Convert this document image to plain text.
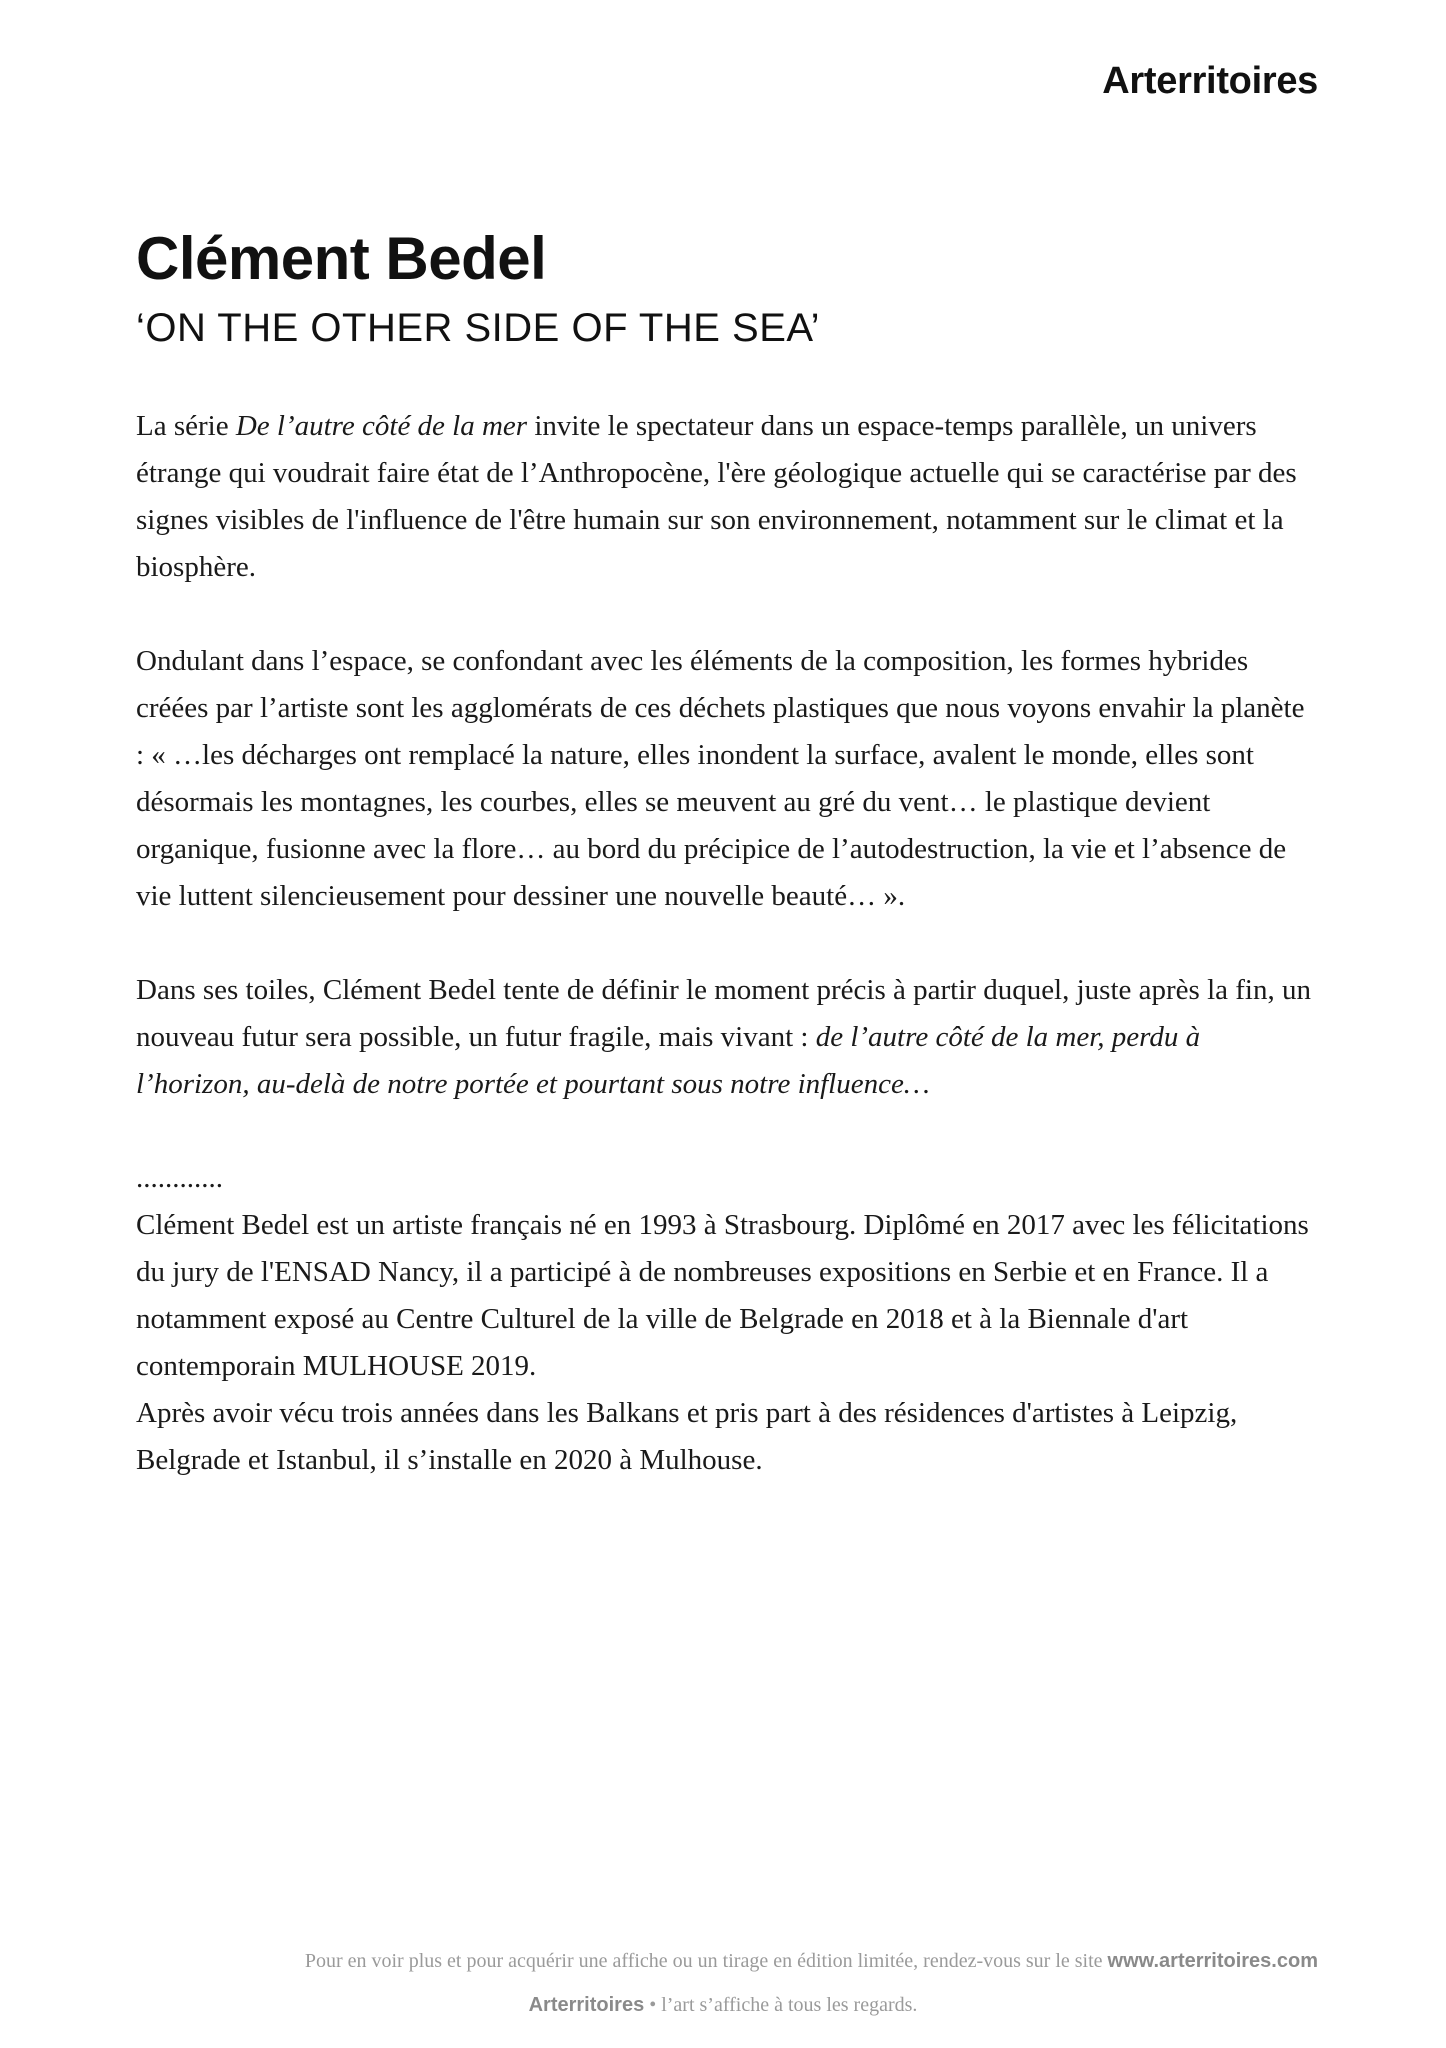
Arterritoires
Clément Bedel
‘ON THE OTHER SIDE OF THE SEA’

La série De l’autre côté de la mer invite le spectateur dans un espace-temps parallèle, un univers étrange qui voudrait faire état de l’Anthropocène, l'ère géologique actuelle qui se caractérise par des signes visibles de l'influence de l'être humain sur son environnement, notamment sur le climat et la biosphère.

Ondulant dans l’espace, se confondant avec les éléments de la composition, les formes hybrides créées par l’artiste sont les agglomérats de ces déchets plastiques que nous voyons envahir la planète : « …les décharges ont remplacé la nature, elles inondent la surface, avalent le monde, elles sont désormais les montagnes, les courbes, elles se meuvent au gré du vent… le plastique devient organique, fusionne avec la flore… au bord du précipice de l’autodestruction, la vie et l’absence de vie luttent silencieusement pour dessiner une nouvelle beauté… ».

Dans ses toiles, Clément Bedel tente de définir le moment précis à partir duquel, juste après la fin, un nouveau futur sera possible, un futur fragile, mais vivant : de l’autre côté de la mer, perdu à l’horizon, au-delà de notre portée et pourtant sous notre influence…

............
Clément Bedel est un artiste français né en 1993 à Strasbourg. Diplômé en 2017 avec les félicitations du jury de l'ENSAD Nancy, il a participé à de nombreuses expositions en Serbie et en France. Il a notamment exposé au Centre Culturel de la ville de Belgrade en 2018 et à la Biennale d'art contemporain MULHOUSE 2019.
Après avoir vécu trois années dans les Balkans et pris part à des résidences d'artistes à Leipzig, Belgrade et Istanbul, il s’installe en 2020 à Mulhouse.

Pour en voir plus et pour acquérir une affiche ou un tirage en édition limitée, rendez-vous sur le site www.arterritoires.com
Arterritoires • l’art s’affiche à tous les regards.
